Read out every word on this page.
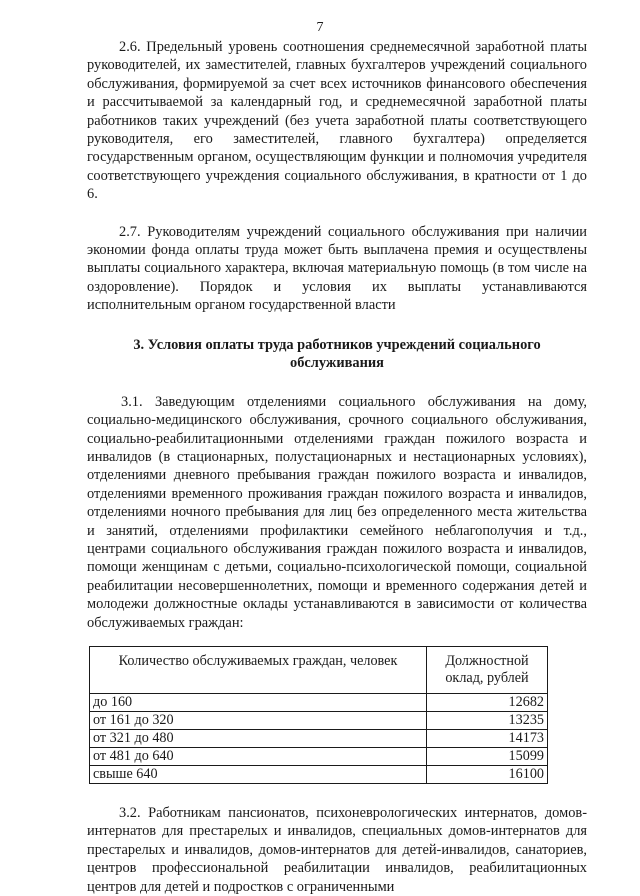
7

2.6. Предельный уровень соотношения среднемесячной заработной платы руководителей, их заместителей, главных бухгалтеров учреждений социального обслуживания, формируемой за счет всех источников финансового обеспечения и рассчитываемой за календарный год, и среднемесячной заработной платы работников таких учреждений (без учета заработной платы соответствующего руководителя, его заместителей, главного бухгалтера) определяется государственным органом, осуществляющим функции и полномочия учредителя соответствующего учреждения социального обслуживания, в кратности от 1 до 6.

2.7. Руководителям учреждений социального обслуживания при наличии экономии фонда оплаты труда может быть выплачена премия и осуществлены выплаты социального характера, включая материальную помощь (в том числе на оздоровление). Порядок и условия их выплаты устанавливаются исполнительным органом государственной власти

3. Условия оплаты труда работников учреждений социального обслуживания

3.1. Заведующим отделениями социального обслуживания на дому, социально-медицинского обслуживания, срочного социального обслуживания, социально-реабилитационными отделениями граждан пожилого возраста и инвалидов (в стационарных, полустационарных и нестационарных условиях), отделениями дневного пребывания граждан пожилого возраста и инвалидов, отделениями временного проживания граждан пожилого возраста и инвалидов, отделениями ночного пребывания для лиц без определенного места жительства и занятий, отделениями профилактики семейного неблагополучия и т.д., центрами социального обслуживания граждан пожилого возраста и инвалидов, помощи женщинам с детьми, социально-психологической помощи, социальной реабилитации несовершеннолетних, помощи и временного содержания детей и молодежи должностные оклады устанавливаются в зависимости от количества обслуживаемых граждан:

Количество обслуживаемых граждан, человек	Должностной оклад, рублей
до 160	12682
от 161 до 320	13235
от 321 до 480	14173
от 481 до 640	15099
свыше 640	16100

3.2. Работникам пансионатов, психоневрологических интернатов, домов-интернатов для престарелых и инвалидов, специальных домов-интернатов для престарелых и инвалидов, домов-интернатов для детей-инвалидов, санаториев, центров профессиональной реабилитации инвалидов, реабилитационных центров для детей и подростков с ограниченными
